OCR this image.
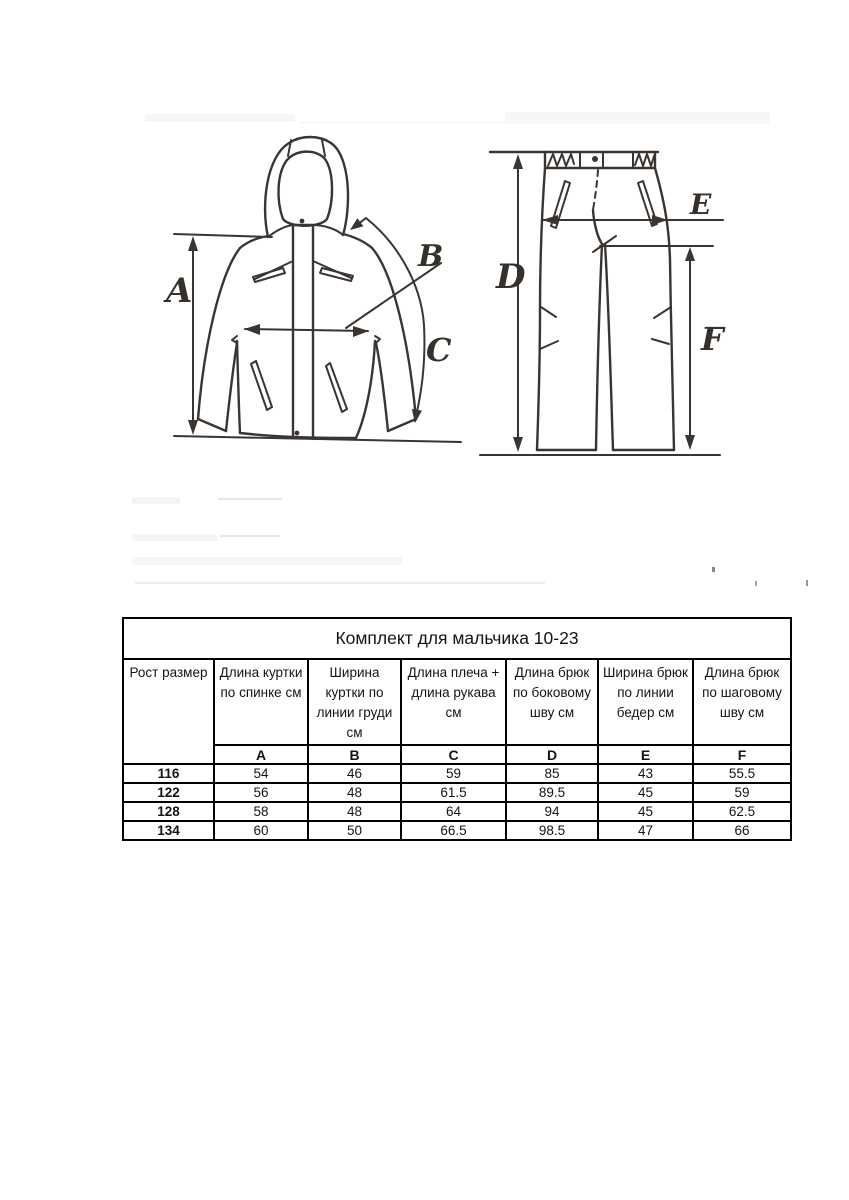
A
B
C
D
E
F
Комплект для мальчика 10-23						
Рост размер	Длина куртки по спинке см	Ширина куртки по линии груди см	Длина плеча + длина рукава см	Длина брюк по боковому шву см	Ширина брюк по линии бедер см	Длина брюк по шаговому шву см
	A	B	C	D	E	F
116	54	46	59	85	43	55.5
122	56	48	61.5	89.5	45	59
128	58	48	64	94	45	62.5
134	60	50	66.5	98.5	47	66
